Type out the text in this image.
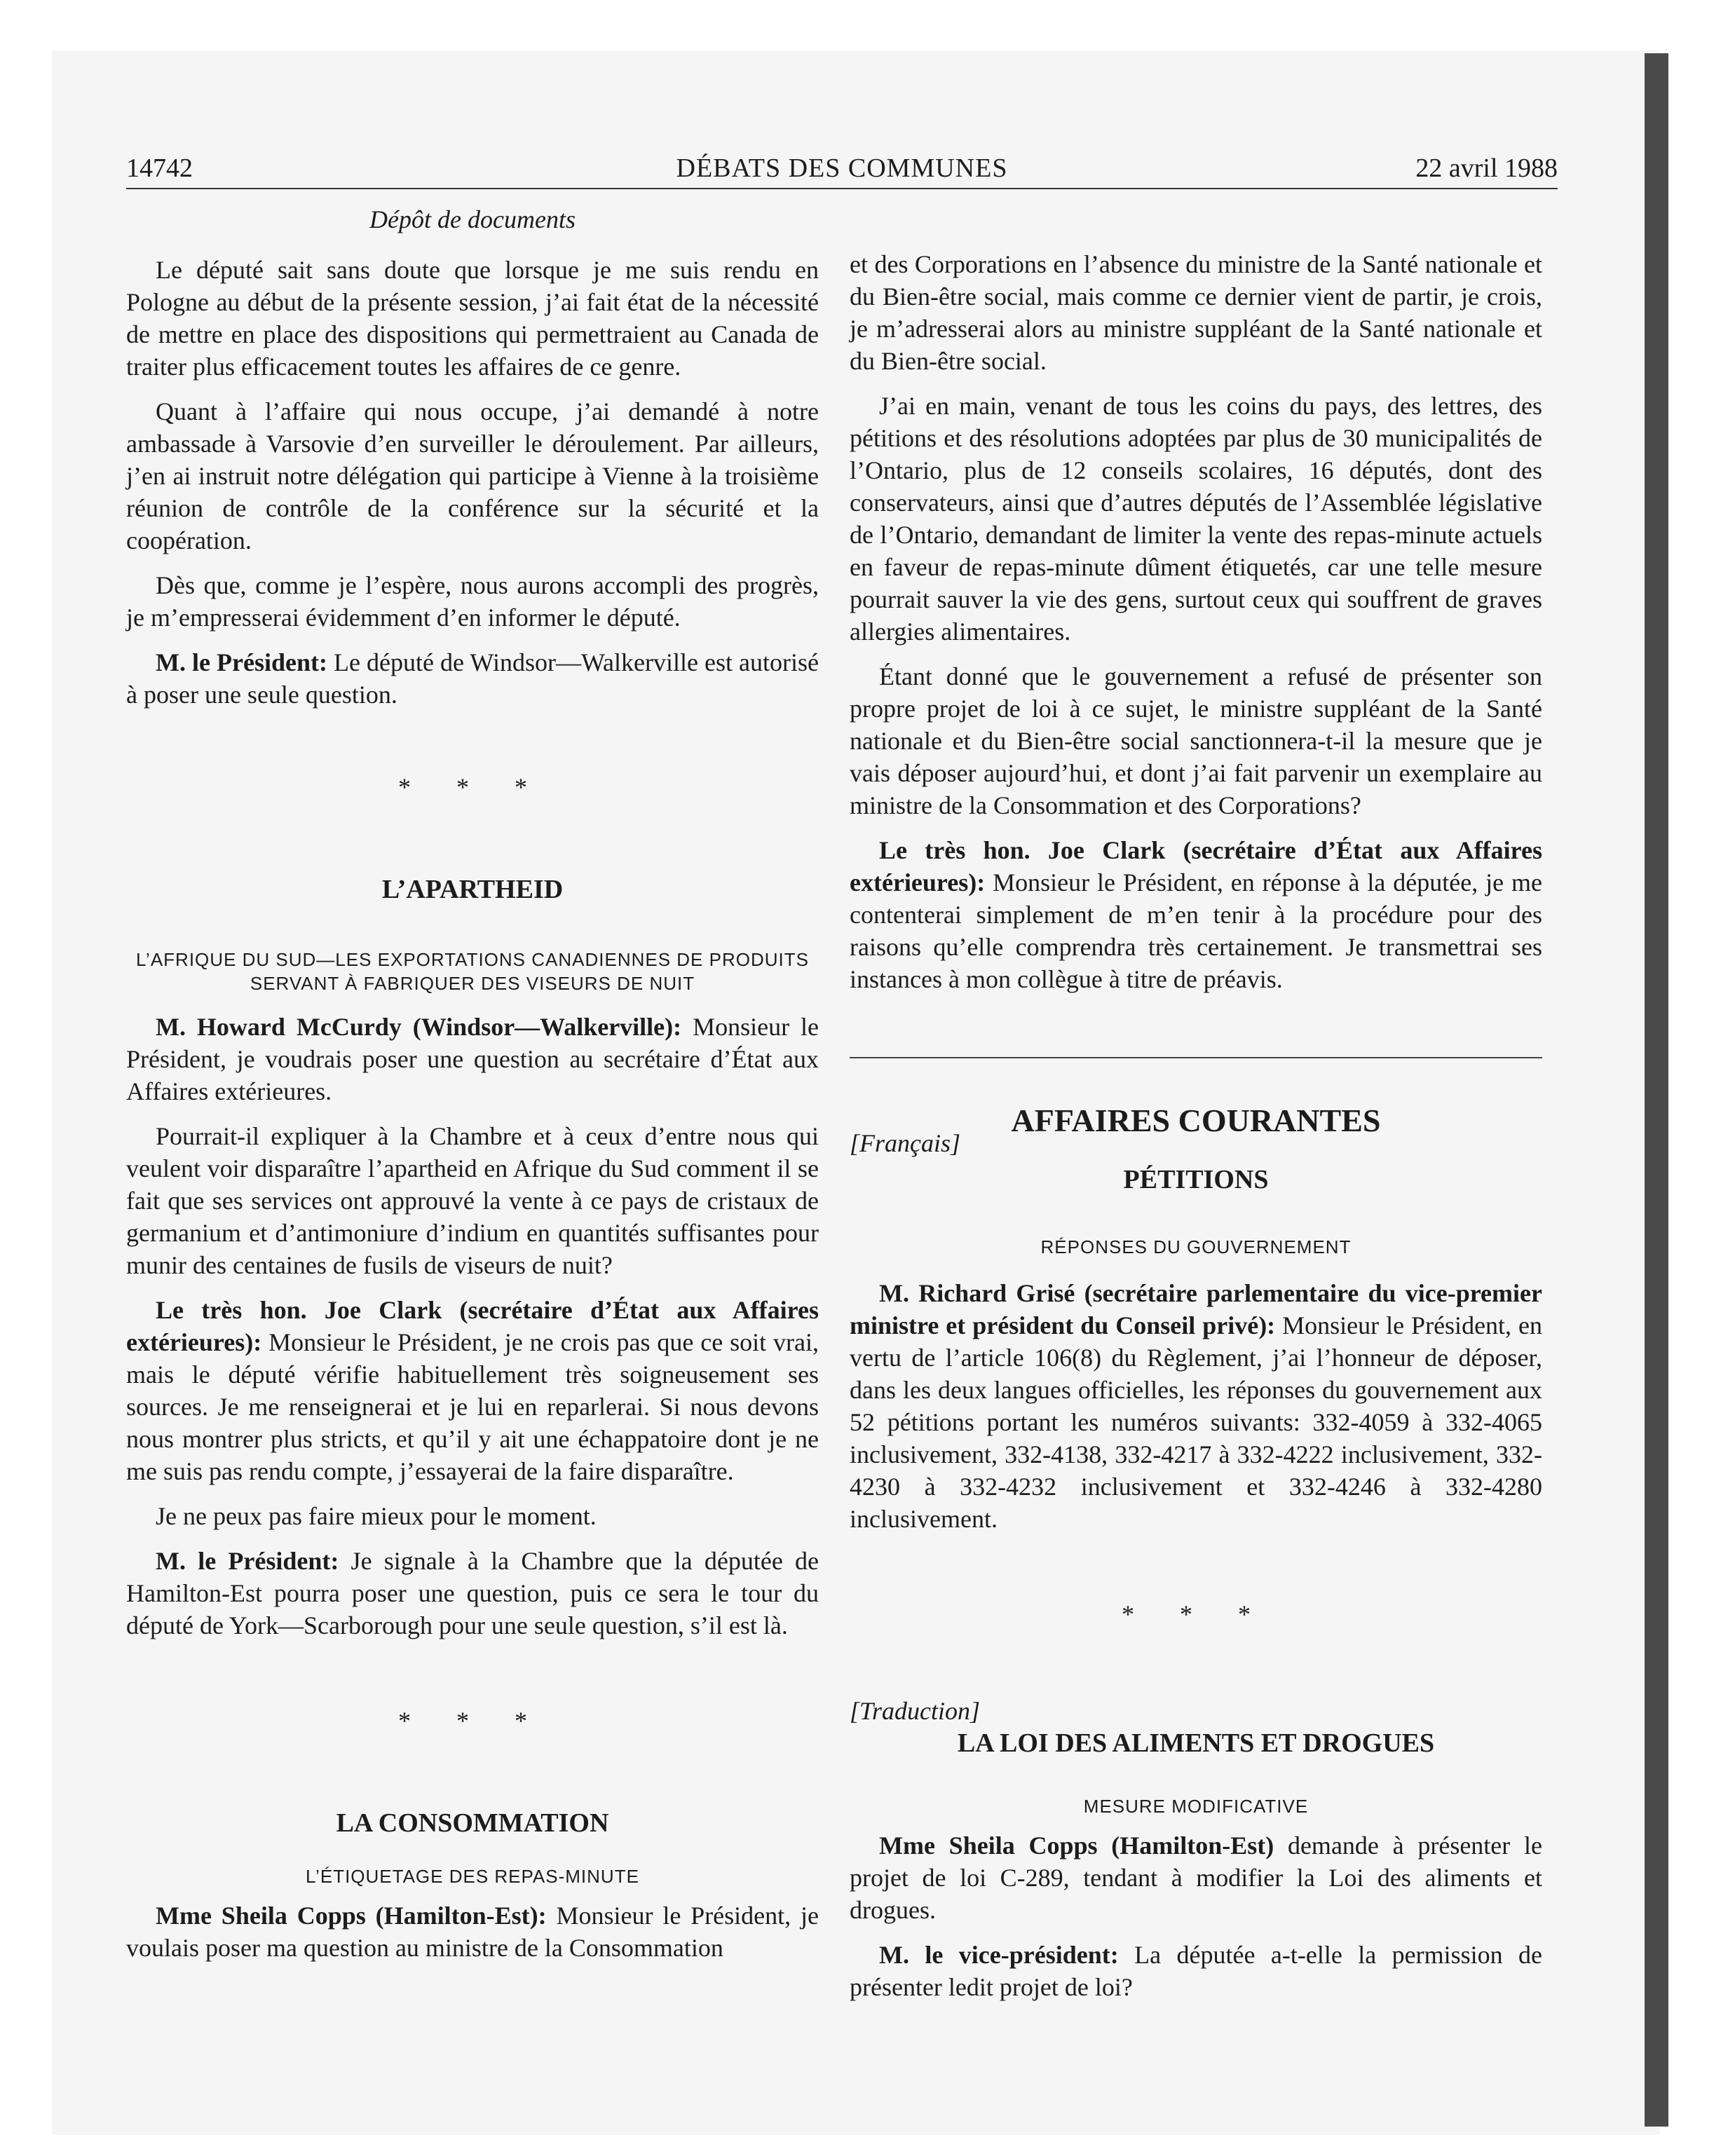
14742	DÉBATS DES COMMUNES	22 avril 1988
Dépôt de documents

Le député sait sans doute que lorsque je me suis rendu en Pologne au début de la présente session, j’ai fait état de la nécessité de mettre en place des dispositions qui permettraient au Canada de traiter plus efficacement toutes les affaires de ce genre.

Quant à l’affaire qui nous occupe, j’ai demandé à notre ambassade à Varsovie d’en surveiller le déroulement. Par ailleurs, j’en ai instruit notre délégation qui participe à Vienne à la troisième réunion de contrôle de la conférence sur la sécurité et la coopération.

Dès que, comme je l’espère, nous aurons accompli des progrès, je m’empresserai évidemment d’en informer le député.

M. le Président: Le député de Windsor—Walkerville est autorisé à poser une seule question.

* * *
L’APARTHEID
L’AFRIQUE DU SUD—LES EXPORTATIONS CANADIENNES DE PRODUITS SERVANT À FABRIQUER DES VISEURS DE NUIT

M. Howard McCurdy (Windsor—Walkerville): Monsieur le Président, je voudrais poser une question au secrétaire d’État aux Affaires extérieures.

Pourrait-il expliquer à la Chambre et à ceux d’entre nous qui veulent voir disparaître l’apartheid en Afrique du Sud comment il se fait que ses services ont approuvé la vente à ce pays de cristaux de germanium et d’antimoniure d’indium en quantités suffisantes pour munir des centaines de fusils de viseurs de nuit?

Le très hon. Joe Clark (secrétaire d’État aux Affaires extérieures): Monsieur le Président, je ne crois pas que ce soit vrai, mais le député vérifie habituellement très soigneusement ses sources. Je me renseignerai et je lui en reparlerai. Si nous devons nous montrer plus stricts, et qu’il y ait une échappatoire dont je ne me suis pas rendu compte, j’essayerai de la faire disparaître.

Je ne peux pas faire mieux pour le moment.

M. le Président: Je signale à la Chambre que la députée de Hamilton-Est pourra poser une question, puis ce sera le tour du député de York—Scarborough pour une seule question, s’il est là.

* * *
LA CONSOMMATION
L’ÉTIQUETAGE DES REPAS-MINUTE

Mme Sheila Copps (Hamilton-Est): Monsieur le Président, je voulais poser ma question au ministre de la Consommation

et des Corporations en l’absence du ministre de la Santé nationale et du Bien-être social, mais comme ce dernier vient de partir, je crois, je m’adresserai alors au ministre suppléant de la Santé nationale et du Bien-être social.

J’ai en main, venant de tous les coins du pays, des lettres, des pétitions et des résolutions adoptées par plus de 30 municipalités de l’Ontario, plus de 12 conseils scolaires, 16 députés, dont des conservateurs, ainsi que d’autres députés de l’Assemblée législative de l’Ontario, demandant de limiter la vente des repas-minute actuels en faveur de repas-minute dûment étiquetés, car une telle mesure pourrait sauver la vie des gens, surtout ceux qui souffrent de graves allergies alimentaires.

Étant donné que le gouvernement a refusé de présenter son propre projet de loi à ce sujet, le ministre suppléant de la Santé nationale et du Bien-être social sanctionnera-t-il la mesure que je vais déposer aujourd’hui, et dont j’ai fait parvenir un exemplaire au ministre de la Consommation et des Corporations?

Le très hon. Joe Clark (secrétaire d’État aux Affaires extérieures): Monsieur le Président, en réponse à la députée, je me contenterai simplement de m’en tenir à la procédure pour des raisons qu’elle comprendra très certainement. Je transmettrai ses instances à mon collègue à titre de préavis.

AFFAIRES COURANTES
[Français]
PÉTITIONS
RÉPONSES DU GOUVERNEMENT

M. Richard Grisé (secrétaire parlementaire du vice-premier ministre et président du Conseil privé): Monsieur le Président, en vertu de l’article 106(8) du Règlement, j’ai l’honneur de déposer, dans les deux langues officielles, les réponses du gouvernement aux 52 pétitions portant les numéros suivants: 332-4059 à 332-4065 inclusivement, 332-4138, 332-4217 à 332-4222 inclusivement, 332-4230 à 332-4232 inclusivement et 332-4246 à 332-4280 inclusivement.

* * *
[Traduction]
LA LOI DES ALIMENTS ET DROGUES
MESURE MODIFICATIVE

Mme Sheila Copps (Hamilton-Est) demande à présenter le projet de loi C-289, tendant à modifier la Loi des aliments et drogues.

M. le vice-président: La députée a-t-elle la permission de présenter ledit projet de loi?
